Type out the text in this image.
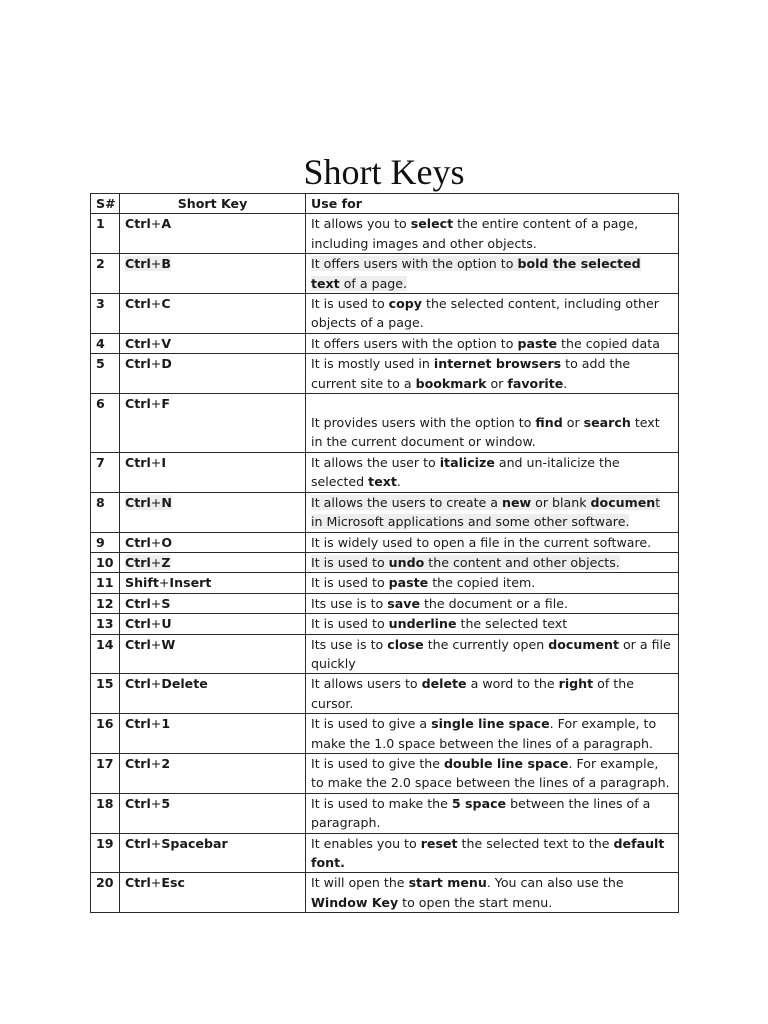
Short Keys
S#	Short Key	Use for
1	Ctrl+A	It allows you to select the entire content of a page, including images and other objects.
2	Ctrl+B	It offers users with the option to bold the selected text of a page.
3	Ctrl+C	It is used to copy the selected content, including other objects of a page.
4	Ctrl+V	It offers users with the option to paste the copied data
5	Ctrl+D	It is mostly used in internet browsers to add the current site to a bookmark or favorite.
6	Ctrl+F	It provides users with the option to find or search text in the current document or window.
7	Ctrl+I	It allows the user to italicize and un-italicize the selected text.
8	Ctrl+N	It allows the users to create a new or blank document in Microsoft applications and some other software.
9	Ctrl+O	It is widely used to open a file in the current software.
10	Ctrl+Z	It is used to undo the content and other objects.
11	Shift+Insert	It is used to paste the copied item.
12	Ctrl+S	Its use is to save the document or a file.
13	Ctrl+U	It is used to underline the selected text
14	Ctrl+W	Its use is to close the currently open document or a file quickly
15	Ctrl+Delete	It allows users to delete a word to the right of the cursor.
16	Ctrl+1	It is used to give a single line space. For example, to make the 1.0 space between the lines of a paragraph.
17	Ctrl+2	It is used to give the double line space. For example, to make the 2.0 space between the lines of a paragraph.
18	Ctrl+5	It is used to make the 5 space between the lines of a paragraph.
19	Ctrl+Spacebar	It enables you to reset the selected text to the default font.
20	Ctrl+Esc	It will open the start menu. You can also use the Window Key to open the start menu.
